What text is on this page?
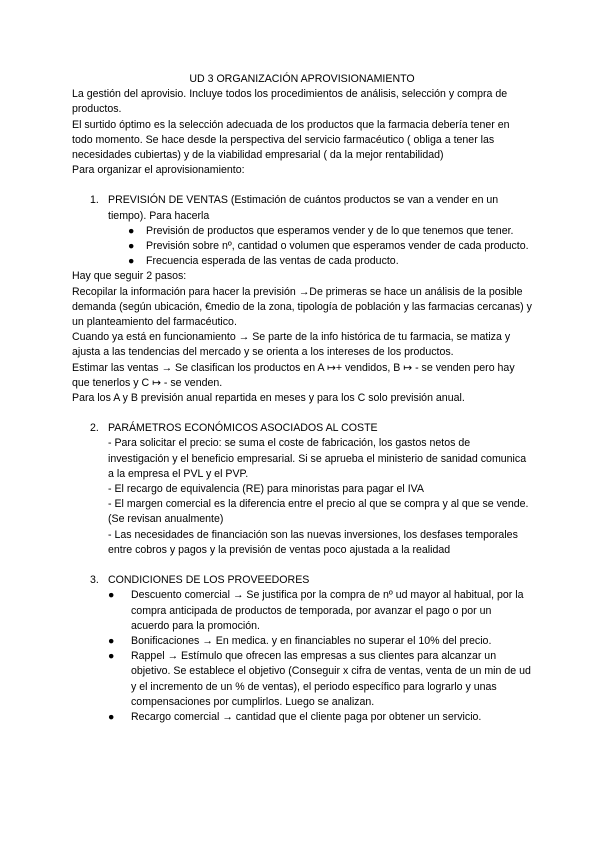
UD 3 ORGANIZACIÓN APROVISIONAMIENTO

La gestión del aprovisio. Incluye todos los procedimientos de análisis, selección y compra de productos.

El surtido óptimo es la selección adecuada de los productos que la farmacia debería tener en todo momento. Se hace desde la perspectiva del servicio farmacéutico ( obliga a tener las necesidades cubiertas) y de la viabilidad empresarial ( da la mejor rentabilidad)

Para organizar el aprovisionamiento:

1. PREVISIÓN DE VENTAS (Estimación de cuántos productos se van a vender en un tiempo). Para hacerla
● Previsión de productos que esperamos vender y de lo que tenemos que tener.
● Previsión sobre nº, cantidad o volumen que esperamos vender de cada producto.
● Frecuencia esperada de las ventas de cada producto.

Hay que seguir 2 pasos:

Recopilar la información para hacer la previsión →De primeras se hace un análisis de la posible demanda (según ubicación, €medio de la zona, tipología de población y las farmacias cercanas) y un planteamiento del farmacéutico.

Cuando ya está en funcionamiento → Se parte de la info histórica de tu farmacia, se matiza y ajusta a las tendencias del mercado y se orienta a los intereses de los productos.

Estimar las ventas → Se clasifican los productos en A ↦+ vendidos, B ↦ - se venden pero hay que tenerlos y C ↦ - se venden.

Para los A y B previsión anual repartida en meses y para los C solo previsión anual.

2. PARÁMETROS ECONÓMICOS ASOCIADOS AL COSTE

- Para solicitar el precio: se suma el coste de fabricación, los gastos netos de investigación y el beneficio empresarial. Si se aprueba el ministerio de sanidad comunica a la empresa el PVL y el PVP.

- El recargo de equivalencia (RE) para minoristas para pagar el IVA

- El margen comercial es la diferencia entre el precio al que se compra y al que se vende. (Se revisan anualmente)

- Las necesidades de financiación son las nuevas inversiones, los desfases temporales entre cobros y pagos y la previsión de ventas poco ajustada a la realidad

3. CONDICIONES DE LOS PROVEEDORES
● Descuento comercial → Se justifica por la compra de nº ud mayor al habitual, por la compra anticipada de productos de temporada, por avanzar el pago o por un acuerdo para la promoción.
● Bonificaciones → En medica. y en financiables no superar el 10% del precio.
● Rappel → Estímulo que ofrecen las empresas a sus clientes para alcanzar un objetivo. Se establece el objetivo (Conseguir x cifra de ventas, venta de un min de ud y el incremento de un % de ventas), el periodo específico para lograrlo y unas compensaciones por cumplirlos. Luego se analizan.
● Recargo comercial → cantidad que el cliente paga por obtener un servicio.
